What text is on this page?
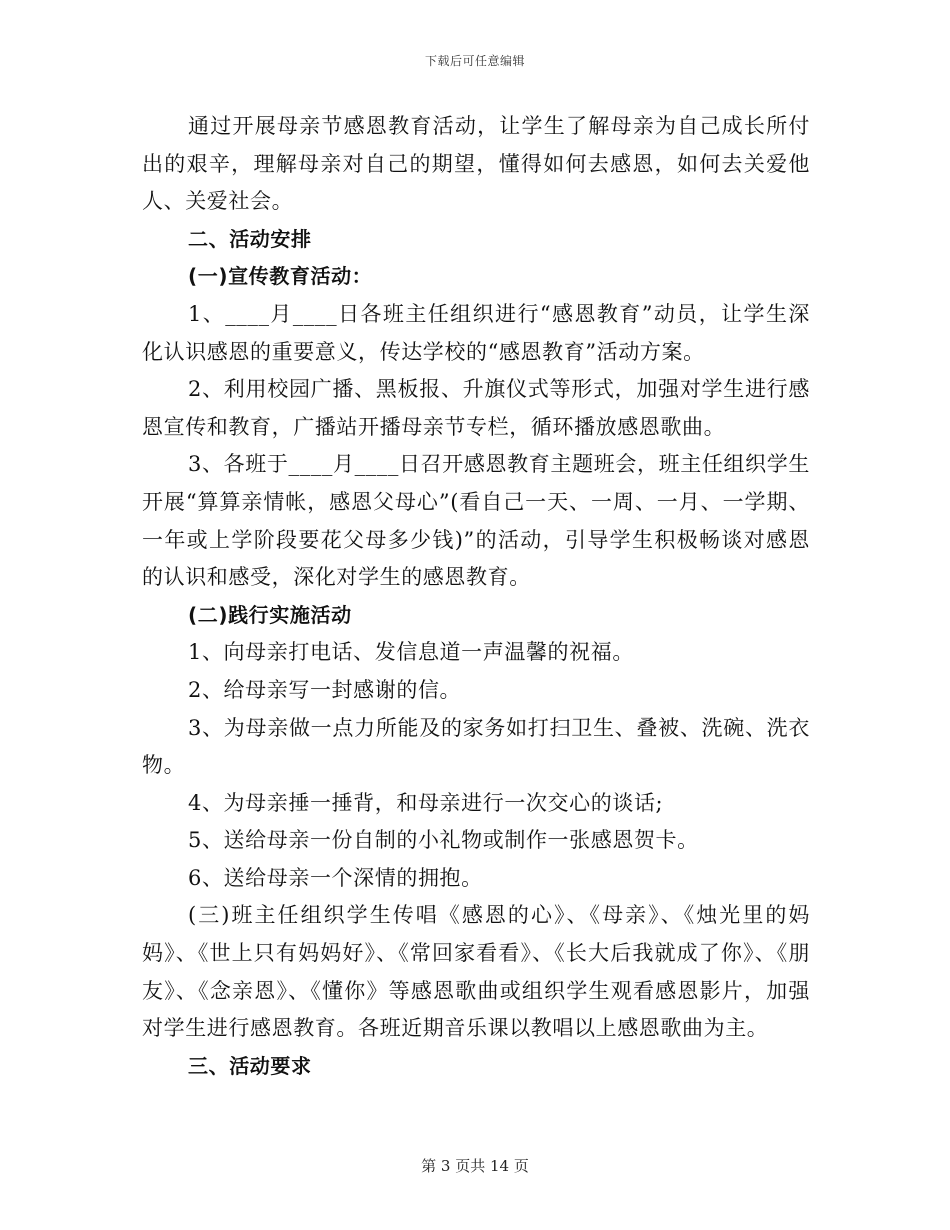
下载后可任意编辑

通过开展母亲节感恩教育活动，让学生了解母亲为自己成长所付出的艰辛，理解母亲对自己的期望，懂得如何去感恩，如何去关爱他人、关爱社会。

二、活动安排

(一)宣传教育活动：

1、____月____日各班主任组织进行“感恩教育”动员，让学生深化认识感恩的重要意义，传达学校的“感恩教育”活动方案。

2、利用校园广播、黑板报、升旗仪式等形式，加强对学生进行感恩宣传和教育，广播站开播母亲节专栏，循环播放感恩歌曲。

3、各班于____月____日召开感恩教育主题班会，班主任组织学生开展“算算亲情帐，感恩父母心”(看自己一天、一周、一月、一学期、一年或上学阶段要花父母多少钱)”的活动，引导学生积极畅谈对感恩的认识和感受，深化对学生的感恩教育。

(二)践行实施活动

1、向母亲打电话、发信息道一声温馨的祝福。

2、给母亲写一封感谢的信。

3、为母亲做一点力所能及的家务如打扫卫生、叠被、洗碗、洗衣物。

4、为母亲捶一捶背，和母亲进行一次交心的谈话;

5、送给母亲一份自制的小礼物或制作一张感恩贺卡。

6、送给母亲一个深情的拥抱。

(三)班主任组织学生传唱《感恩的心》、《母亲》、《烛光里的妈妈》、《世上只有妈妈好》、《常回家看看》、《长大后我就成了你》、《朋友》、《念亲恩》、《懂你》等感恩歌曲或组织学生观看感恩影片，加强对学生进行感恩教育。各班近期音乐课以教唱以上感恩歌曲为主。

三、活动要求

第 3 页共 14 页
